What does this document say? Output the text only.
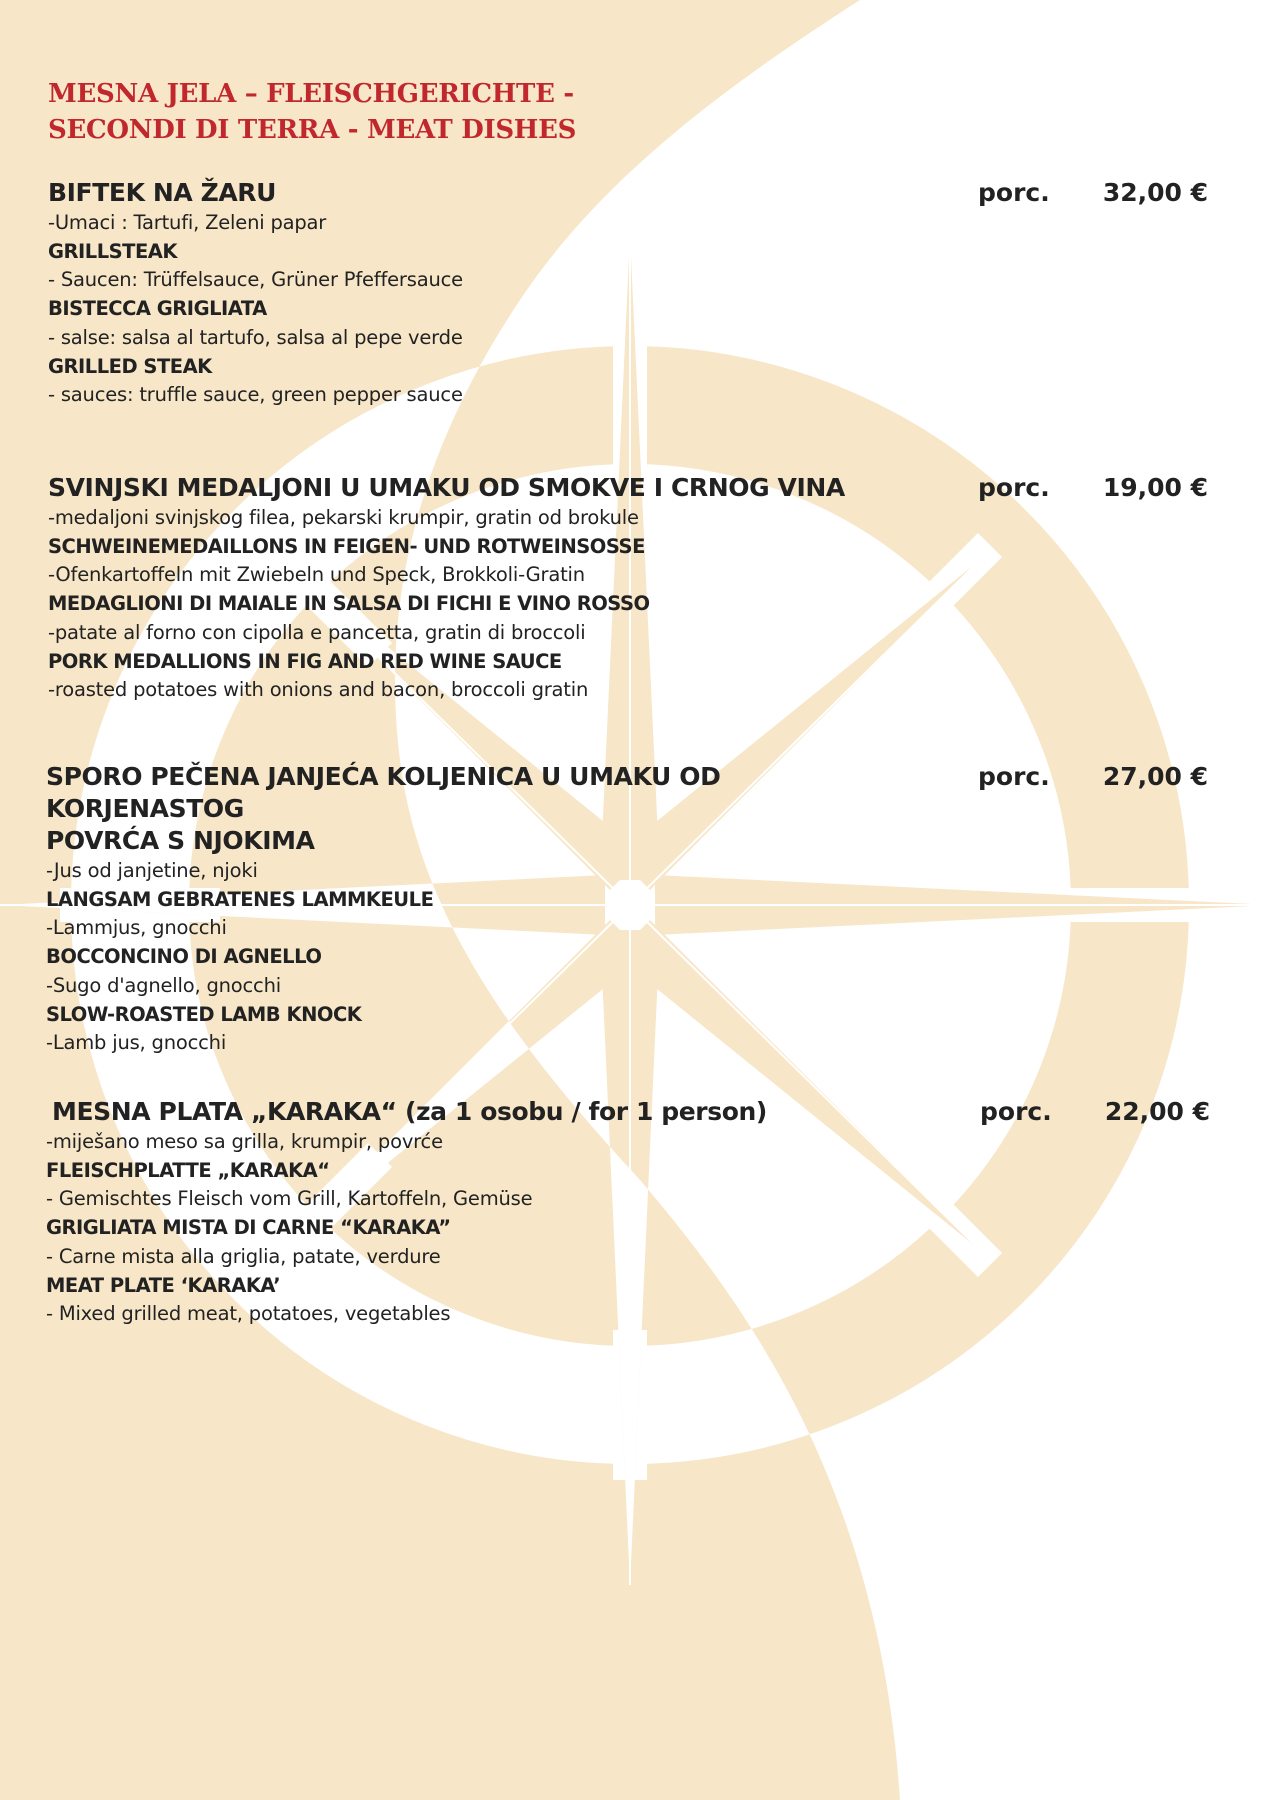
MESNA JELA – FLEISCHGERICHTE -
SECONDI DI TERRA - MEAT DISHES
BIFTEK NA ŽARU	porc. 32,00 €
-Umaci : Tartufi, Zeleni papar
GRILLSTEAK
- Saucen: Trüffelsauce, Grüner Pfeffersauce
BISTECCA GRIGLIATA
- salse: salsa al tartufo, salsa al pepe verde
GRILLED STEAK
- sauces: truffle sauce, green pepper sauce
SVINJSKI MEDALJONI U UMAKU OD SMOKVE I CRNOG VINA	porc. 19,00 €
-medaljoni svinjskog filea, pekarski krumpir, gratin od brokule
SCHWEINEMEDAILLONS IN FEIGEN- UND ROTWEINSOSSE
-Ofenkartoffeln mit Zwiebeln und Speck, Brokkoli-Gratin
MEDAGLIONI DI MAIALE IN SALSA DI FICHI E VINO ROSSO
-patate al forno con cipolla e pancetta, gratin di broccoli
PORK MEDALLIONS IN FIG AND RED WINE SAUCE
-roasted potatoes with onions and bacon, broccoli gratin
SPORO PEČENA JANJEĆA KOLJENICA U UMAKU OD KORJENASTOG
POVRĆA S NJOKIMA
porc. 27,00 €
-Jus od janjetine, njoki
LANGSAM GEBRATENES LAMMKEULE
-Lammjus, gnocchi
BOCCONCINO DI AGNELLO
-Sugo d'agnello, gnocchi
SLOW-ROASTED LAMB KNOCK
-Lamb jus, gnocchi
MESNA PLATA „KARAKA“ (za 1 osobu / for 1 person)	porc. 22,00 €
-miješano meso sa grilla, krumpir, povrće
FLEISCHPLATTE „KARAKA“
- Gemischtes Fleisch vom Grill, Kartoffeln, Gemüse
GRIGLIATA MISTA DI CARNE “KARAKA”
- Carne mista alla griglia, patate, verdure
MEAT PLATE ‘KARAKA’
- Mixed grilled meat, potatoes, vegetables
